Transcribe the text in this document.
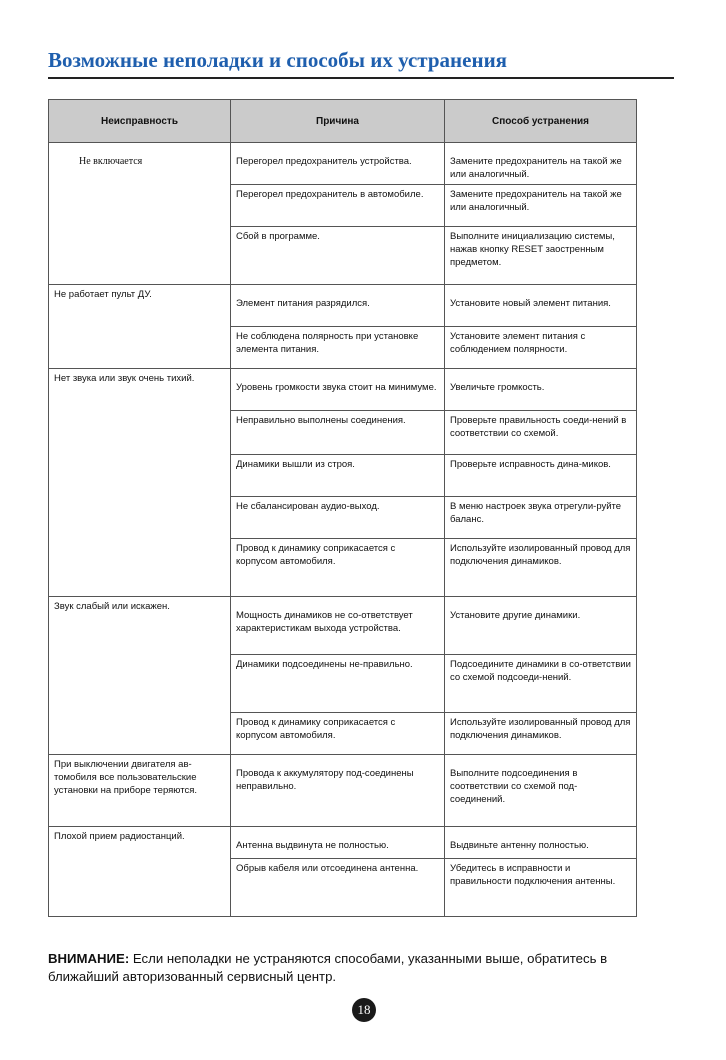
Возможные неполадки и способы их устранения
Неисправность	Причина	Способ устранения
Не включается	Перегорел предохранитель устройства.	Замените предохранитель на такой же или аналогичный.
	Перегорел предохранитель в автомобиле.	Замените предохранитель на такой же или аналогичный.
	Сбой в программе.	Выполните инициализацию системы, нажав кнопку RESET заостренным предметом.
Не работает пульт ДУ.	Элемент питания разрядился.	Установите новый элемент питания.
	Не соблюдена полярность при установке элемента питания.	Установите элемент питания с соблюдением полярности.
Нет звука или звук очень тихий.	Уровень громкости звука стоит на минимуме.	Увеличьте громкость.
	Неправильно выполнены соединения.	Проверьте правильность соеди-нений в соответствии со схемой.
	Динамики вышли из строя.	Проверьте исправность дина-миков.
	Не сбалансирован аудио-выход.	В меню настроек звука отрегули-руйте баланс.
	Провод к динамику соприкасается с корпусом автомобиля.	Используйте изолированный провод для подключения динамиков.
Звук слабый или искажен.	Мощность динамиков не со-ответствует характеристикам выхода устройства.	Установите другие динамики.
	Динамики подсоединены не-правильно.	Подсоедините динамики в со-ответствии со схемой подсоеди-нений.
	Провод к динамику соприкасается с корпусом автомобиля.	Используйте изолированный провод для подключения динамиков.
При выключении двигателя ав-томобиля все пользовательские установки на приборе теряются.	Провода к аккумулятору под-соединены неправильно.	Выполните подсоединения в соответствии со схемой под-соединений.
Плохой прием радиостанций.	Антенна выдвинута не полностью.	Выдвиньте антенну полностью.
	Обрыв кабеля или отсоединена антенна.	Убедитесь в исправности и правильности подключения антенны.
ВНИМАНИЕ: Если неполадки не устраняются способами, указанными выше, обратитесь в ближайший авторизованный сервисный центр.
18
